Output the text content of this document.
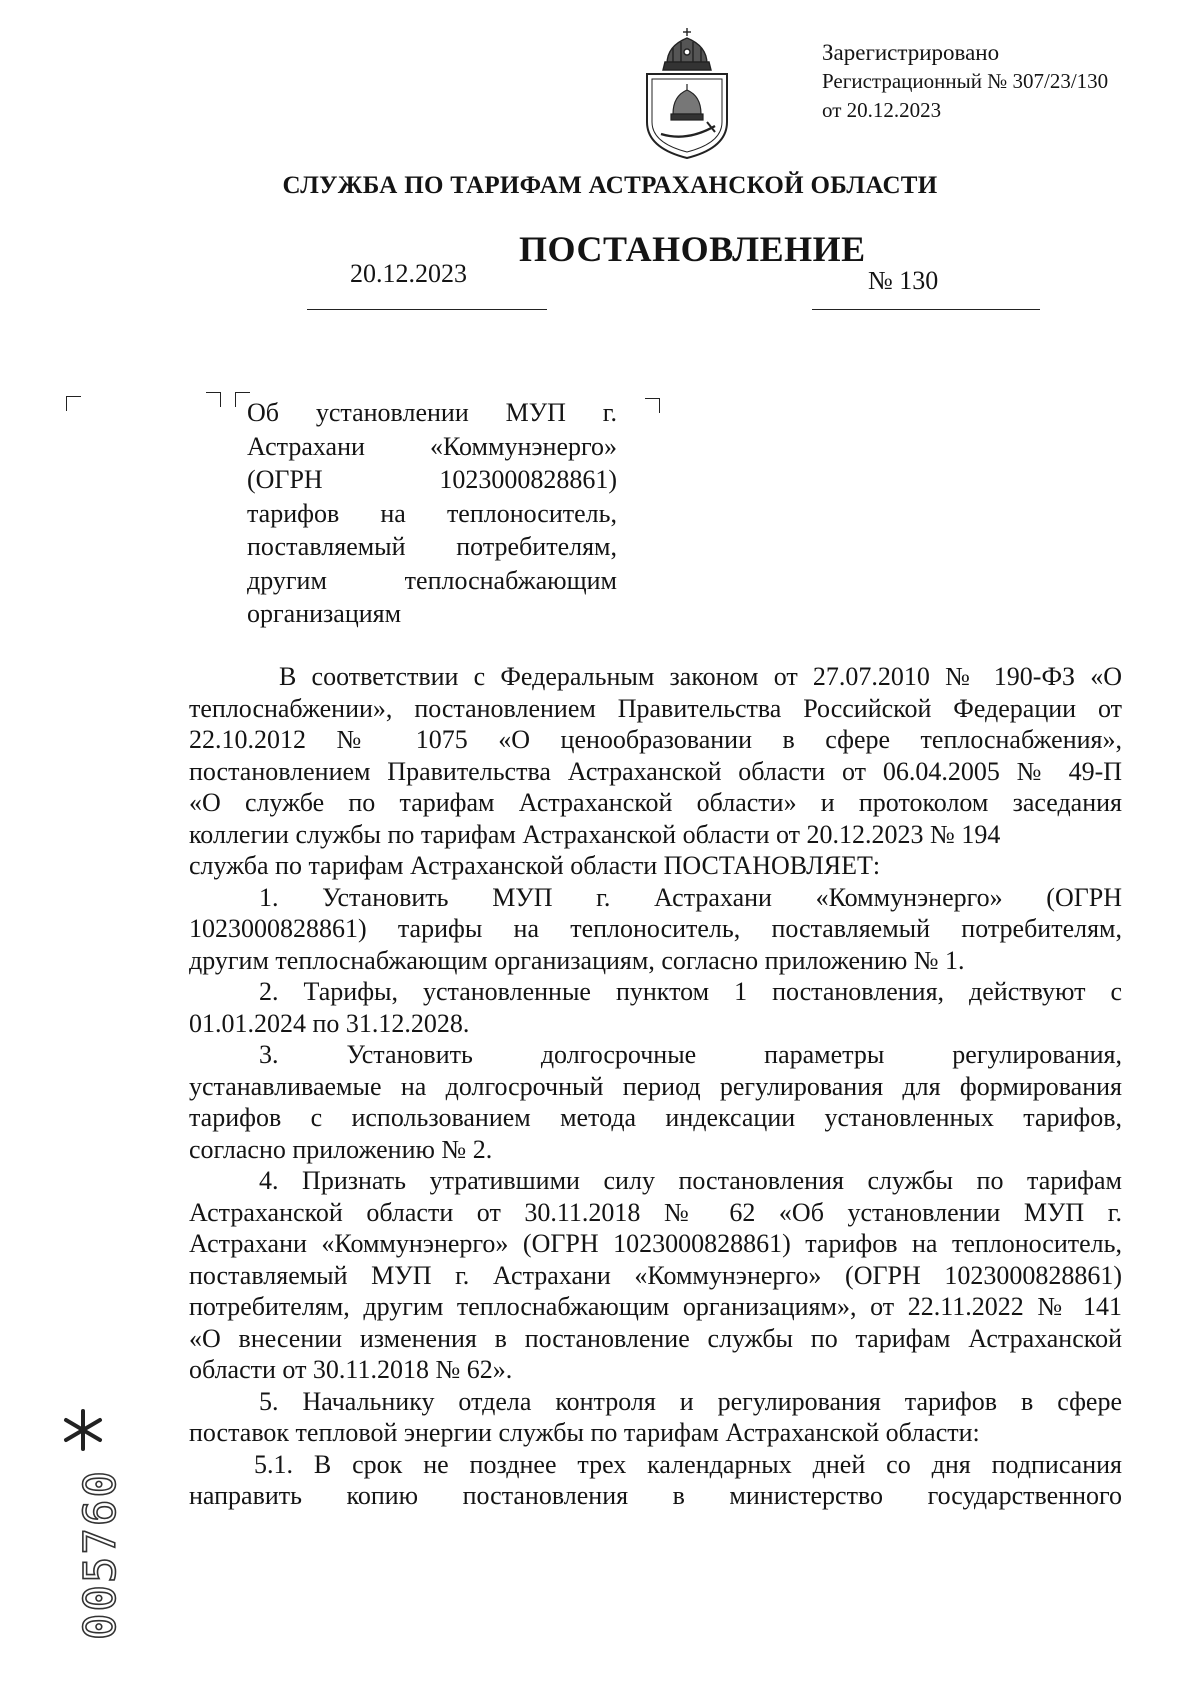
Зарегистрировано
Регистрационный № 307/23/130
от 20.12.2023
СЛУЖБА ПО ТАРИФАМ АСТРАХАНСКОЙ ОБЛАСТИ
ПОСТАНОВЛЕНИЕ
20.12.2023	№ 130
Об установлении МУП г.
Астрахани «Коммунэнерго»
(ОГРН 1023000828861)
тарифов на теплоноситель,
поставляемый потребителям,
другим теплоснабжающим
организациям
В соответствии с Федеральным законом от 27.07.2010 № 190-ФЗ «О
теплоснабжении», постановлением Правительства Российской Федерации от
22.10.2012 № 1075 «О ценообразовании в сфере теплоснабжения»,
постановлением Правительства Астраханской области от 06.04.2005 № 49-П
«О службе по тарифам Астраханской области» и протоколом заседания
коллегии службы по тарифам Астраханской области от 20.12.2023 № 194
служба по тарифам Астраханской области ПОСТАНОВЛЯЕТ:
1. Установить МУП г. Астрахани «Коммунэнерго» (ОГРН
1023000828861) тарифы на теплоноситель, поставляемый потребителям,
другим теплоснабжающим организациям, согласно приложению № 1.
2. Тарифы, установленные пунктом 1 постановления, действуют с
01.01.2024 по 31.12.2028.
3. Установить долгосрочные параметры регулирования,
устанавливаемые на долгосрочный период регулирования для формирования
тарифов с использованием метода индексации установленных тарифов,
согласно приложению № 2.
4. Признать утратившими силу постановления службы по тарифам
Астраханской области от 30.11.2018 № 62 «Об установлении МУП г.
Астрахани «Коммунэнерго» (ОГРН 1023000828861) тарифов на теплоноситель,
поставляемый МУП г. Астрахани «Коммунэнерго» (ОГРН 1023000828861)
потребителям, другим теплоснабжающим организациям», от 22.11.2022 № 141
«О внесении изменения в постановление службы по тарифам Астраханской
области от 30.11.2018 № 62».
5. Начальнику отдела контроля и регулирования тарифов в сфере
поставок тепловой энергии службы по тарифам Астраханской области:
5.1. В срок не позднее трех календарных дней со дня подписания
направить копию постановления в министерство государственного
005760
